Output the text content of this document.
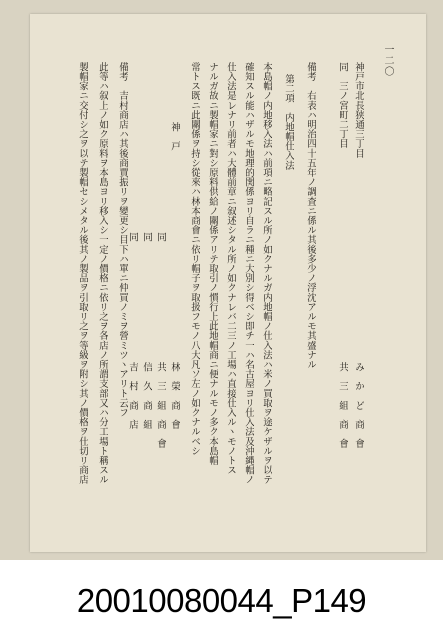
一二〇
神戸市北長狭通三丁目
同　三ノ宮町二丁目
備考　右表ハ明治四十五年ノ調査ニ係ル其後多少ノ浮沈アルモ其盛ナル
第二項　内地帽仕入法
本島帽ノ内地移入法ハ前項ニ略記スル所ノ如クナルガ内地帽ノ仕入法ハ米ノ買取ヲ途ケザルヲ以テ
確知スル能ハザルモ地理的関係ヨリ自ラニ種ニ大別シ得ベシ即チ一ハ名古屋ヨリ仕入法及沖縄帽ノ
仕入法是レナリ前者ハ大體前章ニ叙述シタル所ノ如クナレバ二三ノ工場ハ直接仕入ルヽモノトス
ナルガ故ニ製帽家ニ對シ原料供給ノ關係アリテ取引ノ慣行上此地帽商ニ便ナルモノ多ク本島帽
常トス既ニ此關係ヲ持シ從來ハ林本商會ニ依リ帽子ヲ取扱フモノ八大凡ソ左ノ如クナルベシ
神　戸
備考　吉村商店ハ其後商賈振リヲ變更シ目下ハ單ニ仲買ノミヲ營ミツヽアリト云フ
此等ハ叙上ノ如ク原料ヲ本島ヨリ移入シ一定ノ價格ニ依リ之ヲ各店ノ所謂支部又ハ分工場ト稱スル
製帽家ニ交付シ之ヲ以テ製帽セシメタル後其ノ製品ヲ引取リ之ヲ等級ヲ附シ其ノ價格ヲ仕切リ商店	み　か　ど　商　會
共　三　組　商　會
林　榮　商　會
共　三　組　商　會
信　久　商　組
吉　村　商　店
同
同
同
20010080044_P149
